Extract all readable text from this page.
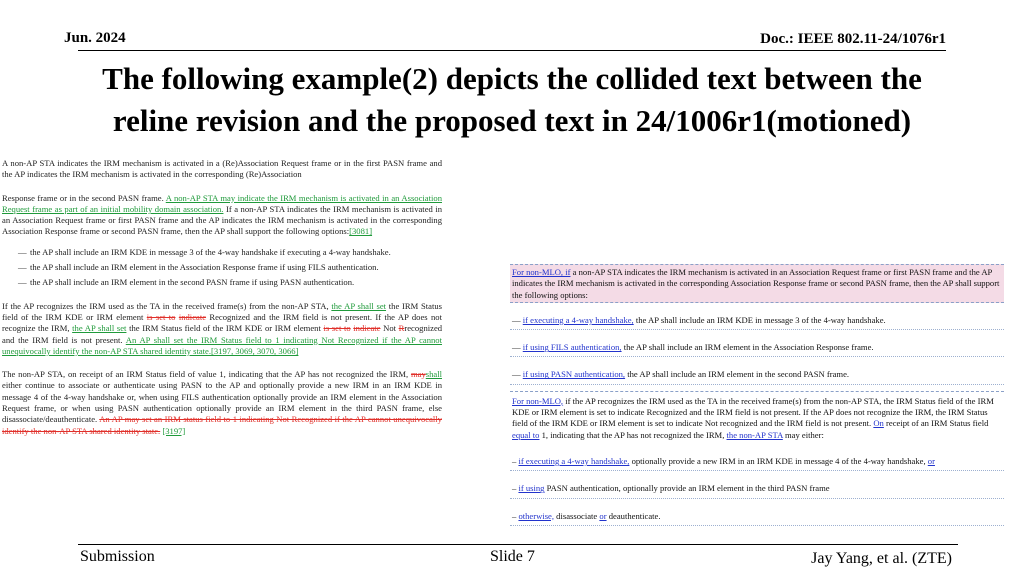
Jun. 2024	Doc.: IEEE 802.11-24/1076r1
The following example(2) depicts the collided text between the
reline revision and the proposed text in 24/1006r1(motioned)

A non-AP STA indicates the IRM mechanism is activated in a (Re)Association Request frame or in the first PASN frame and the AP indicates the IRM mechanism is activated in the corresponding (Re)Association

Response frame or in the second PASN frame. A non-AP STA may indicate the IRM mechanism is activated in an Association Request frame as part of an initial mobility domain association. If a non-AP STA indicates the IRM mechanism is activated in an Association Request frame or first PASN frame and the AP indicates the IRM mechanism is activated in the corresponding Association Response frame or second PASN frame, then the AP shall support the following options:[3081]

— the AP shall include an IRM KDE in message 3 of the 4-way handshake if executing a 4-way handshake.
— the AP shall include an IRM element in the Association Response frame if using FILS authentication.
— the AP shall include an IRM element in the second PASN frame if using PASN authentication.

If the AP recognizes the IRM used as the TA in the received frame(s) from the non-AP STA, the AP shall set the IRM Status field of the IRM KDE or IRM element is set to indicate Recognized and the IRM field is not present. If the AP does not recognize the IRM, the AP shall set the IRM Status field of the IRM KDE or IRM element is set to indicate Not Rrecognized and the IRM field is not present. An AP shall set the IRM Status field to 1 indicating Not Recognized if the AP cannot unequivocally identify the non-AP STA shared identity state.[3197, 3069, 3070, 3066]

The non-AP STA, on receipt of an IRM Status field of value 1, indicating that the AP has not recognized the IRM, mayshall either continue to associate or authenticate using PASN to the AP and optionally provide a new IRM in an IRM KDE in message 4 of the 4-way handshake or, when using FILS authentication optionally provide an IRM element in the Association Request frame, or when using PASN authentication optionally provide an IRM element in the third PASN frame, else disassociate/deauthenticate. An AP may set an IRM status field to 1 indicating Not Recognized if the AP cannot unequivocally identify the non-AP STA shared identity state. [3197]

For non-MLO, if a non-AP STA indicates the IRM mechanism is activated in an Association Request frame or first PASN frame and the AP indicates the IRM mechanism is activated in the corresponding Association Response frame or second PASN frame, then the AP shall support the following options:
— if executing a 4-way handshake, the AP shall include an IRM KDE in message 3 of the 4-way handshake.
— if using FILS authentication, the AP shall include an IRM element in the Association Response frame.
— if using PASN authentication, the AP shall include an IRM element in the second PASN frame.
For non-MLO, if the AP recognizes the IRM used as the TA in the received frame(s) from the non-AP STA, the IRM Status field of the IRM KDE or IRM element is set to indicate Recognized and the IRM field is not present. If the AP does not recognize the IRM, the IRM Status field of the IRM KDE or IRM element is set to indicate Not recognized and the IRM field is not present. On receipt of an IRM Status field equal to 1, indicating that the AP has not recognized the IRM, the non-AP STA may either:
– if executing a 4-way handshake, optionally provide a new IRM in an IRM KDE in message 4 of the 4-way handshake, or
– if using PASN authentication, optionally provide an IRM element in the third PASN frame
– otherwise, disassociate or deauthenticate.
Submission	Slide 7	Jay Yang, et al. (ZTE)
